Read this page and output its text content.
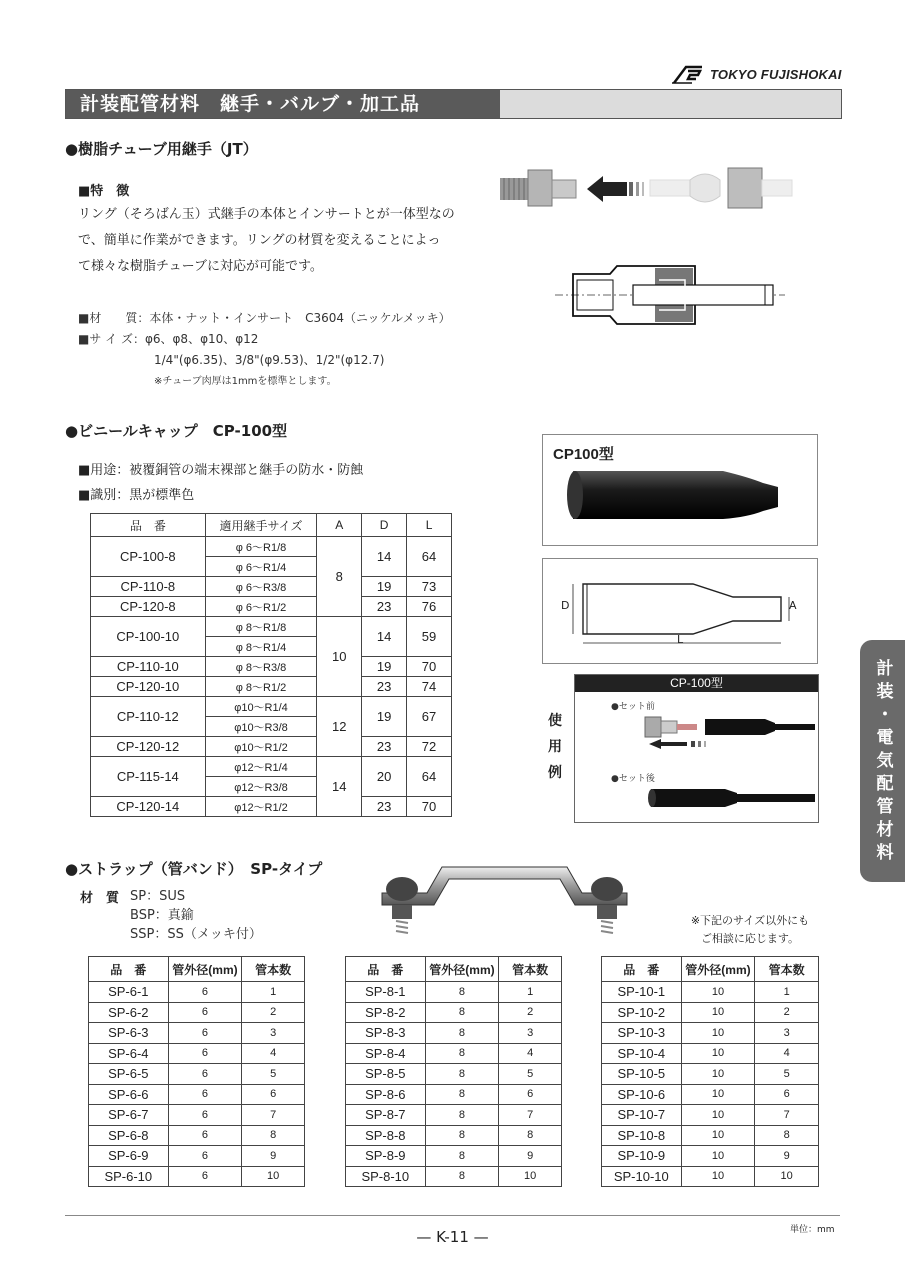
TOKYO FUJISHOKAI
計装配管材料　継手・バルブ・加工品
●樹脂チューブ用継手（JT）
■特　徴
リング（そろばん玉）式継手の本体とインサートとが一体型なの
で、簡単に作業ができます。リングの材質を変えることによっ
て様々な樹脂チューブに対応が可能です。
■材　　質：本体・ナット・インサート　C3604（ニッケルメッキ）
■サ イ ズ：φ6、φ8、φ10、φ12
1/4"(φ6.35)、3/8"(φ9.53)、1/2"(φ12.7)
※チューブ肉厚は1mmを標準とします。
●ビニールキャップ　CP-100型
■用途：被覆銅管の端末裸部と継手の防水・防蝕
■識別：黒が標準色
品　番	適用継手サイズ	A	D	L
CP-100-8	φ 6〜R1/8	8	14	64
	φ 6〜R1/4			
CP-110-8	φ 6〜R3/8		19	73
CP-120-8	φ 6〜R1/2		23	76
CP-100-10	φ 8〜R1/8	10	14	59
	φ 8〜R1/4			
CP-110-10	φ 8〜R3/8		19	70
CP-120-10	φ 8〜R1/2		23	74
CP-110-12	φ10〜R1/4	12	19	67
	φ10〜R3/8			
CP-120-12	φ10〜R1/2		23	72
CP-115-14	φ12〜R1/4	14	20	64
	φ12〜R3/8			
CP-120-14	φ12〜R1/2		23	70
CP100型
D	A
L
使
用
例
CP-100型
●セット前
●セット後
計
装
・
電
気
配
管
材
料
●ストラップ（管バンド）　SP-タイプ
材　質 SP：SUS
BSP：真鍮
SSP：SS（メッキ付）
※下記のサイズ以外にも
ご相談に応じます。
品　番	管外径(mm)	管本数
SP-6-1	6	1
SP-6-2	6	2
SP-6-3	6	3
SP-6-4	6	4
SP-6-5	6	5
SP-6-6	6	6
SP-6-7	6	7
SP-6-8	6	8
SP-6-9	6	9
SP-6-10	6	10
品　番	管外径(mm)	管本数
SP-8-1	8	1
SP-8-2	8	2
SP-8-3	8	3
SP-8-4	8	4
SP-8-5	8	5
SP-8-6	8	6
SP-8-7	8	7
SP-8-8	8	8
SP-8-9	8	9
SP-8-10	8	10
品　番	管外径(mm)	管本数
SP-10-1	10	1
SP-10-2	10	2
SP-10-3	10	3
SP-10-4	10	4
SP-10-5	10	5
SP-10-6	10	6
SP-10-7	10	7
SP-10-8	10	8
SP-10-9	10	9
SP-10-10	10	10
単位：mm
— K-11 —
